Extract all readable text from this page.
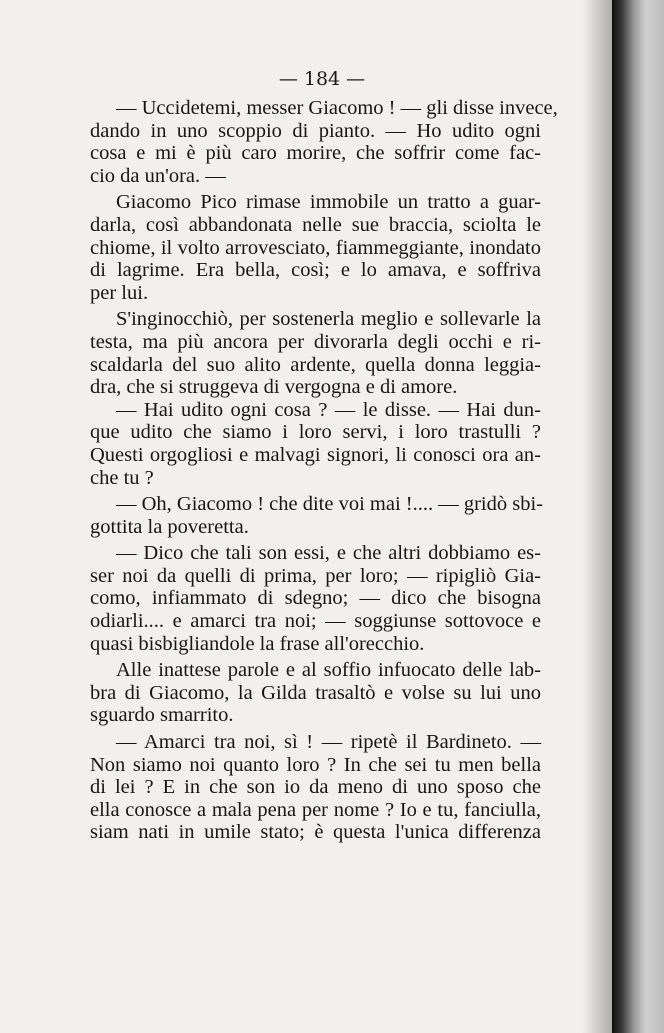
— 184 —
— Uccidetemi, messer Giacomo ! — gli disse invece,
dando in uno scoppio di pianto. — Ho udito ogni
cosa e mi è più caro morire, che soffrir come fac-
cio da un'ora. —
Giacomo Pico rimase immobile un tratto a guar-
darla, così abbandonata nelle sue braccia, sciolta le
chiome, il volto arrovesciato, fiammeggiante, inondato
di lagrime. Era bella, così; e lo amava, e soffriva
per lui.
S'inginocchiò, per sostenerla meglio e sollevarle la
testa, ma più ancora per divorarla degli occhi e ri-
scaldarla del suo alito ardente, quella donna leggia-
dra, che si struggeva di vergogna e di amore.
— Hai udito ogni cosa ? — le disse. — Hai dun-
que udito che siamo i loro servi, i loro trastulli ?
Questi orgogliosi e malvagi signori, li conosci ora an-
che tu ?
— Oh, Giacomo ! che dite voi mai !.... — gridò sbi-
gottita la poveretta.
— Dico che tali son essi, e che altri dobbiamo es-
ser noi da quelli di prima, per loro; — ripigliò Gia-
como, infiammato di sdegno; — dico che bisogna
odiarli.... e amarci tra noi; — soggiunse sottovoce e
quasi bisbigliandole la frase all'orecchio.
Alle inattese parole e al soffio infuocato delle lab-
bra di Giacomo, la Gilda trasaltò e volse su lui uno
sguardo smarrito.
— Amarci tra noi, sì ! — ripetè il Bardineto. —
Non siamo noi quanto loro ? In che sei tu men bella
di lei ? E in che son io da meno di uno sposo che
ella conosce a mala pena per nome ? Io e tu, fanciulla,
siam nati in umile stato; è questa l'unica differenza
